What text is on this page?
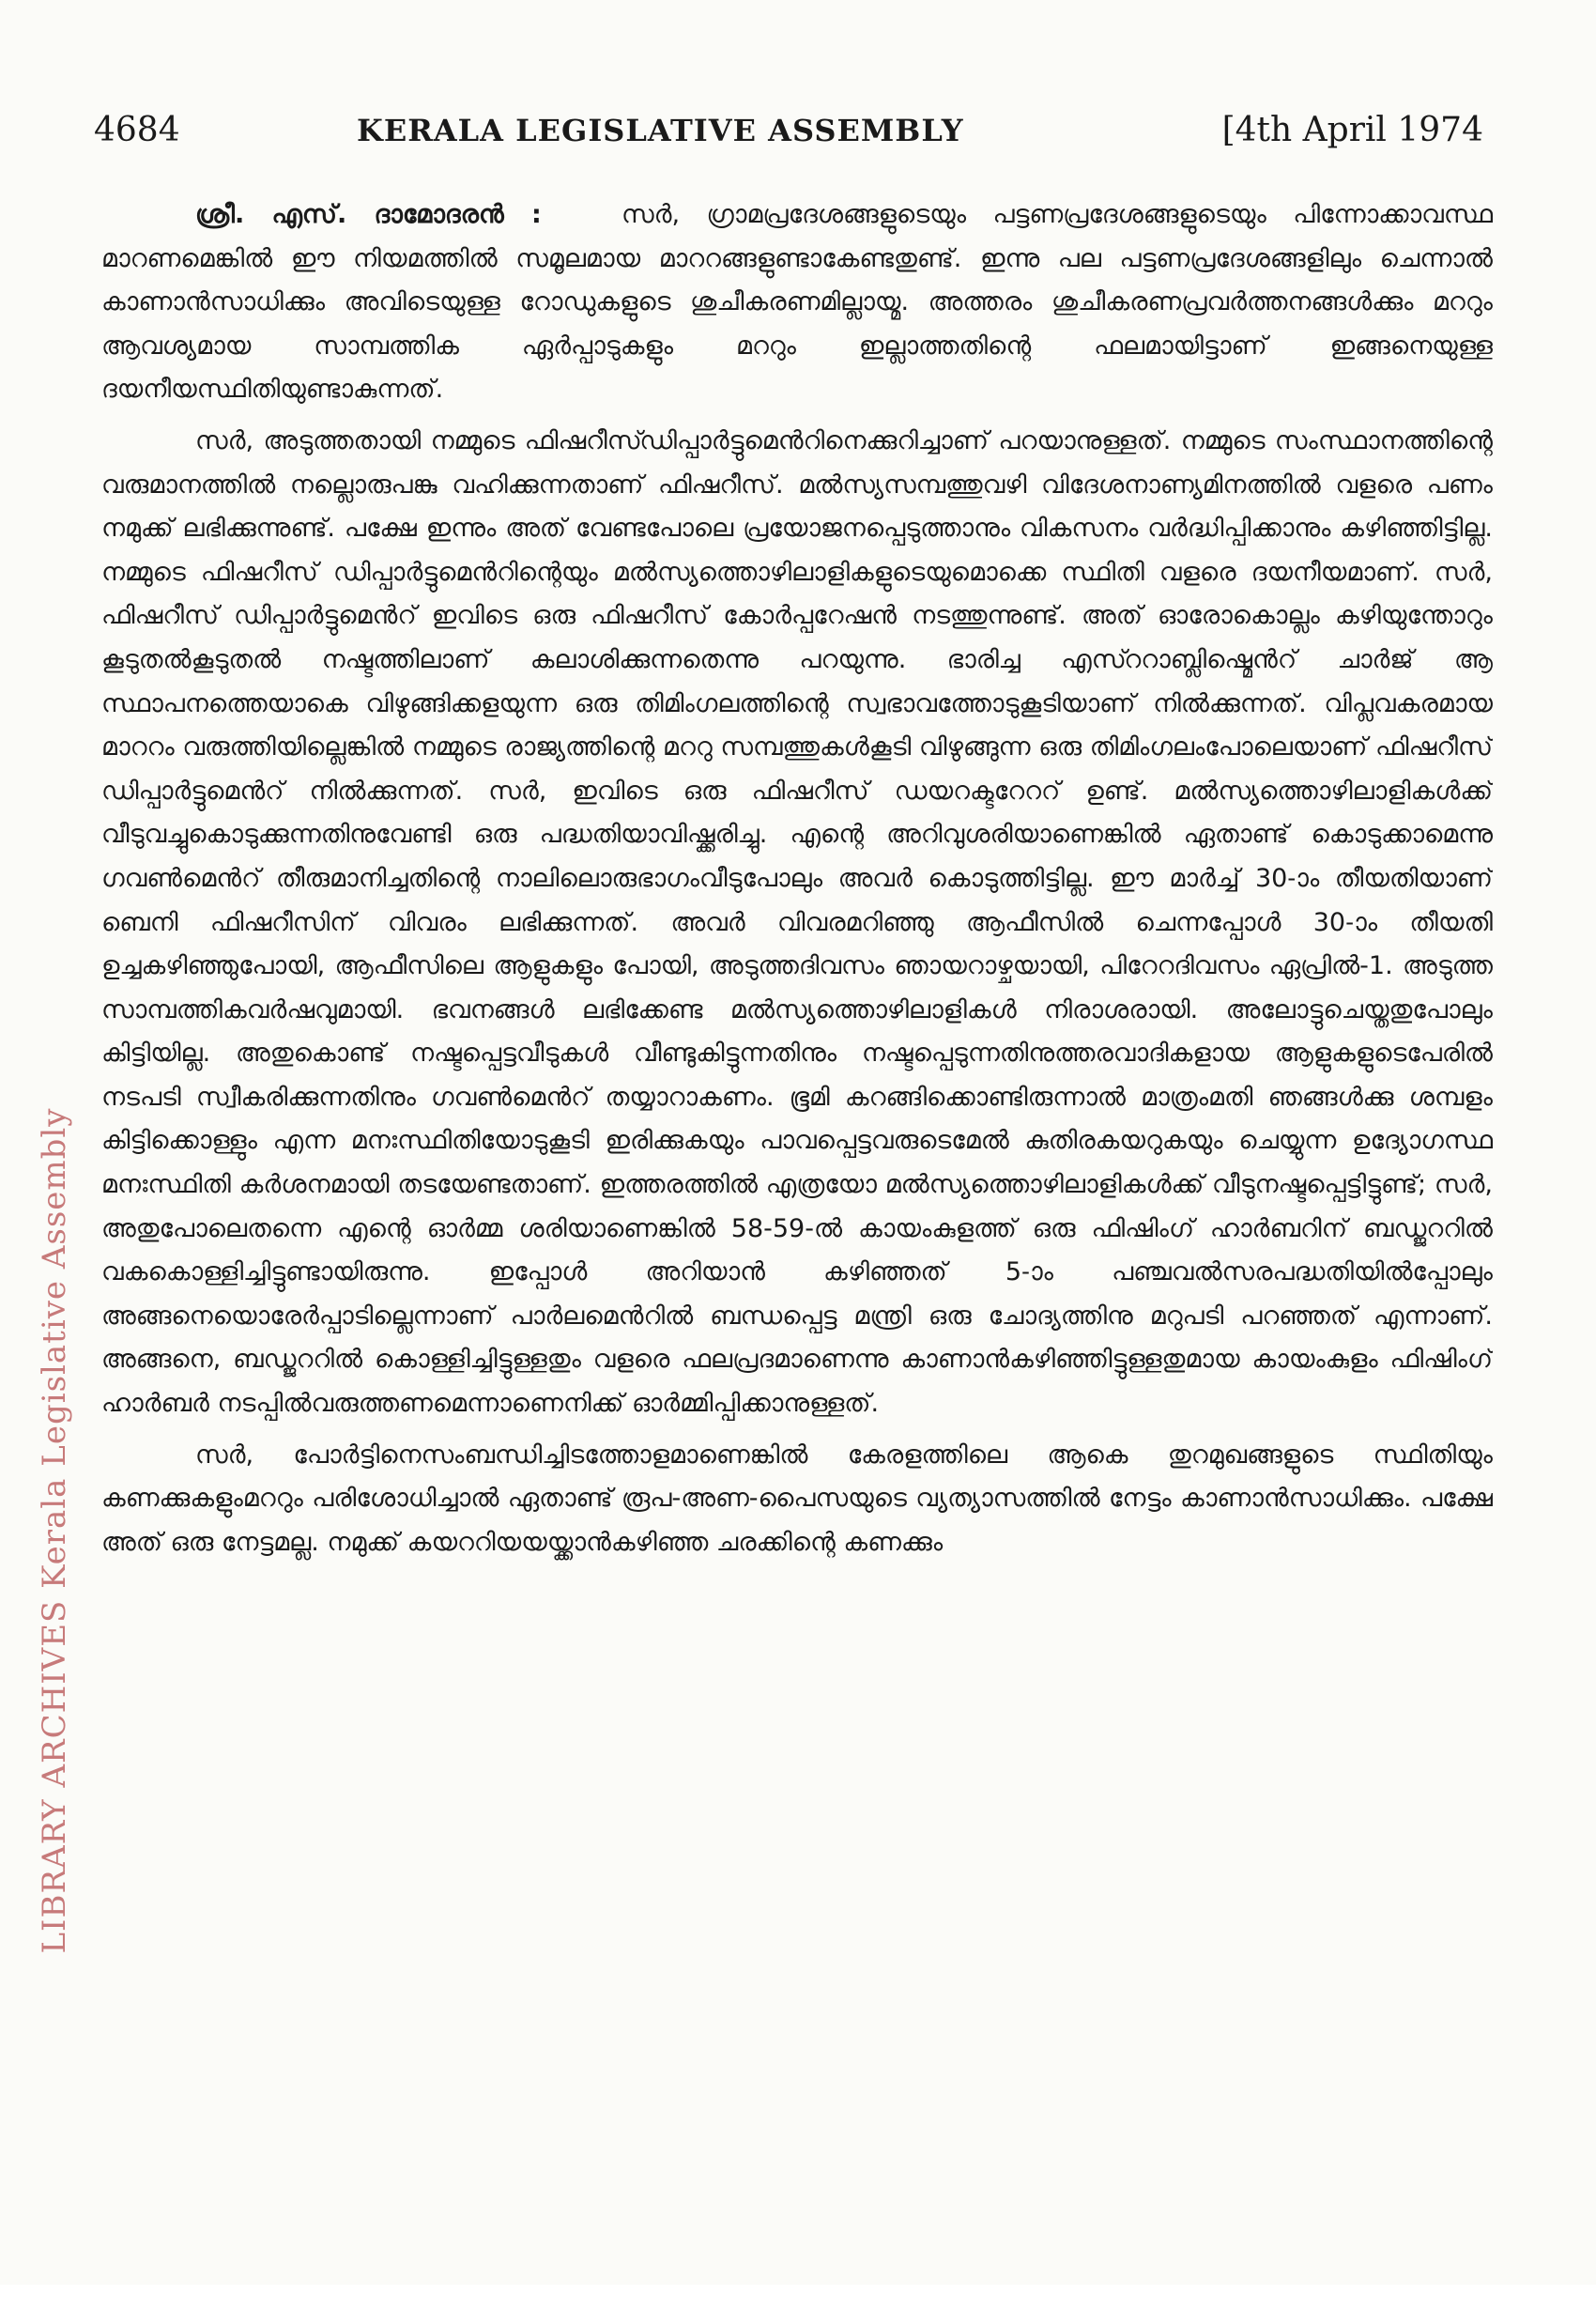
4684	KERALA LEGISLATIVE ASSEMBLY	[4th April 1974
LIBRARY ARCHIVES Kerala Legislative Assembly

ശ്രീ. എസ്. ദാമോദരൻ :	സർ, ഗ്രാമപ്രദേശങ്ങളുടെയും പട്ടണപ്രദേശങ്ങളുടെയും പിന്നോക്കാവസ്ഥ മാറണമെങ്കിൽ ഈ നിയമത്തിൽ സമൂലമായ മാററങ്ങളുണ്ടാകേണ്ടതുണ്ട്. ഇന്നു പല പട്ടണപ്രദേശങ്ങളിലും ചെന്നാൽ കാണാൻസാധിക്കും അവിടെയുള്ള റോഡുകളുടെ ശുചീകരണമില്ലായ്മ. അത്തരം ശുചീകരണപ്രവർത്തനങ്ങൾക്കും മററും ആവശ്യമായ സാമ്പത്തിക ഏർപ്പാടുകളും മററും ഇല്ലാത്തതിന്റെ ഫലമായിട്ടാണ് ഇങ്ങനെയുള്ള ദയനീയസ്ഥിതിയുണ്ടാകുന്നത്.

സർ, അടുത്തതായി നമ്മുടെ ഫിഷറീസ്ഡിപ്പാർട്ടുമെൻറിനെക്കുറിച്ചാണ് പറയാനുള്ളത്. നമ്മുടെ സംസ്ഥാനത്തിന്റെ വരുമാനത്തിൽ നല്ലൊരുപങ്കു വഹിക്കുന്നതാണ് ഫിഷറീസ്. മൽസ്യസമ്പത്തുവഴി വിദേശനാണ്യമിനത്തിൽ വളരെ പണം നമുക്ക് ലഭിക്കുന്നുണ്ട്. പക്ഷേ ഇന്നും അത് വേണ്ടപോലെ പ്രയോജനപ്പെടുത്താനും വികസനം വർദ്ധിപ്പിക്കാനും കഴിഞ്ഞിട്ടില്ല. നമ്മുടെ ഫിഷറീസ് ഡിപ്പാർട്ടുമെൻറിന്റെയും മൽസ്യത്തൊഴിലാളികളുടെയുമൊക്കെ സ്ഥിതി വളരെ ദയനീയമാണ്. സർ, ഫിഷറീസ് ഡിപ്പാർട്ടുമെൻറ് ഇവിടെ ഒരു ഫിഷറീസ് കോർപ്പറേഷൻ നടത്തുന്നുണ്ട്. അത് ഓരോകൊല്ലം കഴിയുന്തോറും കൂടുതൽകൂടുതൽ നഷ്ടത്തിലാണ് കലാശിക്കുന്നതെന്നു പറയുന്നു. ഭാരിച്ച എസ്ററാബ്ലിഷ്മെൻറ് ചാർജ് ആ സ്ഥാപനത്തെയാകെ വിഴുങ്ങിക്കളയുന്ന ഒരു തിമിംഗലത്തിന്റെ സ്വഭാവത്തോടുകൂടിയാണ് നിൽക്കുന്നത്. വിപ്ലവകരമായ മാററം വരുത്തിയില്ലെങ്കിൽ നമ്മുടെ രാജ്യത്തിന്റെ മററു സമ്പത്തുകൾകൂടി വിഴുങ്ങുന്ന ഒരു തിമിംഗലംപോലെയാണ് ഫിഷറീസ് ഡിപ്പാർട്ടുമെൻറ് നിൽക്കുന്നത്. സർ, ഇവിടെ ഒരു ഫിഷറീസ് ഡയറക്ടറേററ് ഉണ്ട്. മൽസ്യത്തൊഴിലാളികൾക്ക് വീടുവച്ചുകൊടുക്കുന്നതിനുവേണ്ടി ഒരു പദ്ധതിയാവിഷ്ക്കരിച്ചു. എന്റെ അറിവുശരിയാണെങ്കിൽ ഏതാണ്ട് കൊടുക്കാമെന്നു ഗവൺമെൻറ് തീരുമാനിച്ചതിന്റെ നാലിലൊരുഭാഗംവീടുപോലും അവർ കൊടുത്തിട്ടില്ല. ഈ മാർച്ച് 30-ാം തീയതിയാണ് ബെനി ഫിഷറീസിന് വിവരം ലഭിക്കുന്നത്. അവർ വിവരമറിഞ്ഞു ആഫീസിൽ ചെന്നപ്പോൾ 30-ാം തീയതി ഉച്ചകഴിഞ്ഞുപോയി, ആഫീസിലെ ആളുകളും പോയി, അടുത്തദിവസം ഞായറാഴ്ചയായി, പിറേറദിവസം ഏപ്രിൽ-1. അടുത്ത സാമ്പത്തികവർഷവുമായി. ഭവനങ്ങൾ ലഭിക്കേണ്ട മൽസ്യത്തൊഴിലാളികൾ നിരാശരായി. അലോട്ടുചെയ്തതുപോലും കിട്ടിയില്ല. അതുകൊണ്ട് നഷ്ടപ്പെട്ടവീടുകൾ വീണ്ടുകിട്ടുന്നതിനും നഷ്ടപ്പെടുന്നതിനുത്തരവാദികളായ ആളുകളുടെപേരിൽ നടപടി സ്വീകരിക്കുന്നതിനും ഗവൺമെൻറ് തയ്യാറാകണം. ഭൂമി കറങ്ങിക്കൊണ്ടിരുന്നാൽ മാത്രംമതി ഞങ്ങൾക്കു ശമ്പളം കിട്ടിക്കൊള്ളും എന്ന മനഃസ്ഥിതിയോടുകൂടി ഇരിക്കുകയും പാവപ്പെട്ടവരുടെമേൽ കുതിരകയറുകയും ചെയ്യുന്ന ഉദ്യോഗസ്ഥ മനഃസ്ഥിതി കർശനമായി തടയേണ്ടതാണ്. ഇത്തരത്തിൽ എത്രയോ മൽസ്യത്തൊഴിലാളികൾക്ക് വീടുനഷ്ടപ്പെട്ടിട്ടുണ്ട്; സർ, അതുപോലെതന്നെ എന്റെ ഓർമ്മ ശരിയാണെങ്കിൽ 58-59-ൽ കായംകുളത്ത് ഒരു ഫിഷിംഗ് ഹാർബറിന് ബഡ്ജററിൽ വകകൊള്ളിച്ചിട്ടുണ്ടായിരുന്നു. ഇപ്പോൾ അറിയാൻ കഴിഞ്ഞത് 5-ാം പഞ്ചവൽസരപദ്ധതിയിൽപ്പോലും അങ്ങനെയൊരേർപ്പാടില്ലെന്നാണ് പാർലമെൻറിൽ ബന്ധപ്പെട്ട മന്ത്രി ഒരു ചോദ്യത്തിനു മറുപടി പറഞ്ഞത് എന്നാണ്. അങ്ങനെ, ബഡ്ജററിൽ കൊള്ളിച്ചിട്ടുള്ളതും വളരെ ഫലപ്രദമാണെന്നു കാണാൻകഴിഞ്ഞിട്ടുള്ളതുമായ കായംകുളം ഫിഷിംഗ് ഹാർബർ നടപ്പിൽവരുത്തണമെന്നാണെനിക്ക് ഓർമ്മിപ്പിക്കാനുള്ളത്.

സർ, പോർട്ടിനെസംബന്ധിച്ചിടത്തോളമാണെങ്കിൽ കേരളത്തിലെ ആകെ തുറമുഖങ്ങളുടെ സ്ഥിതിയും കണക്കുകളുംമററും പരിശോധിച്ചാൽ ഏതാണ്ട് രൂപ-അണ-പൈസയുടെ വ്യത്യാസത്തിൽ നേട്ടം കാണാൻസാധിക്കും. പക്ഷേ അത് ഒരു നേട്ടമല്ല. നമുക്ക് കയററിയയയ്ക്കാൻകഴിഞ്ഞ ചരക്കിന്റെ കണക്കും
